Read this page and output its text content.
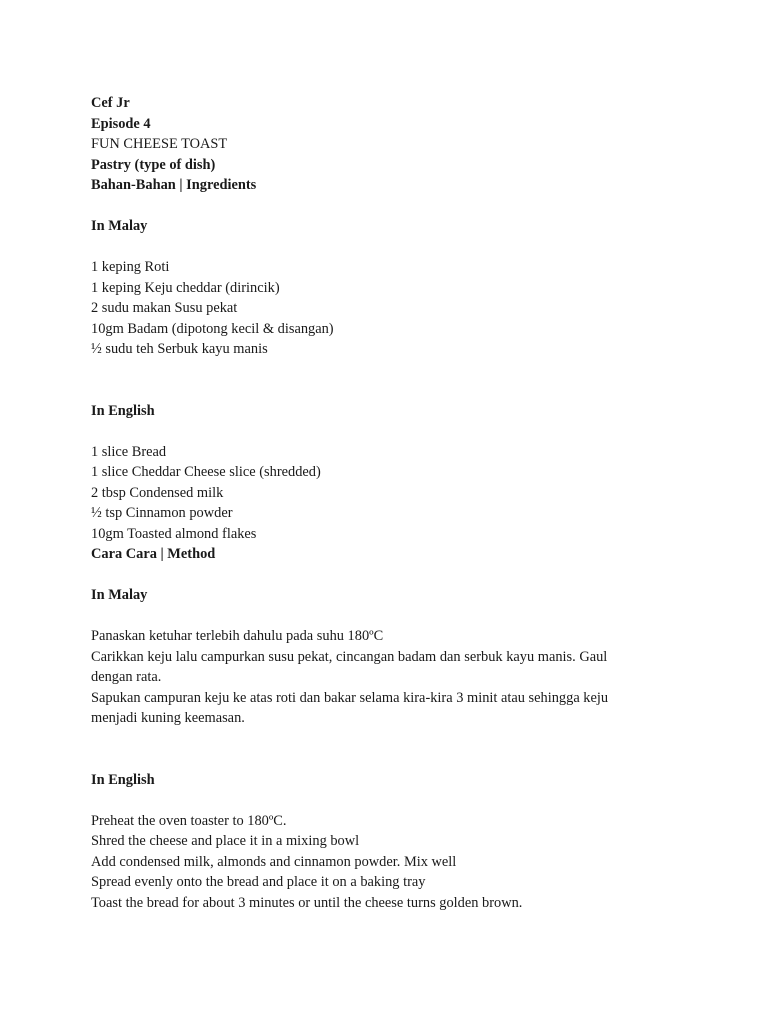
Cef Jr
Episode 4
FUN CHEESE TOAST
Pastry (type of dish)
Bahan-Bahan | Ingredients
In Malay
1 keping Roti
1 keping Keju cheddar (dirincik)
2 sudu makan Susu pekat
10gm Badam (dipotong kecil & disangan)
½ sudu teh Serbuk kayu manis
In English
1 slice Bread
1 slice Cheddar Cheese slice (shredded)
2 tbsp Condensed milk
½ tsp Cinnamon powder
10gm Toasted almond flakes
Cara Cara | Method
In Malay
Panaskan ketuhar terlebih dahulu pada suhu 180ºC
Carikkan keju lalu campurkan susu pekat, cincangan badam dan serbuk kayu manis. Gaul dengan rata.
Sapukan campuran keju ke atas roti dan bakar selama kira-kira 3 minit atau sehingga keju menjadi kuning keemasan.
In English
Preheat the oven toaster to 180ºC.
Shred the cheese and place it in a mixing bowl
Add condensed milk, almonds and cinnamon powder. Mix well
Spread evenly onto the bread and place it on a baking tray
Toast the bread for about 3 minutes or until the cheese turns golden brown.
